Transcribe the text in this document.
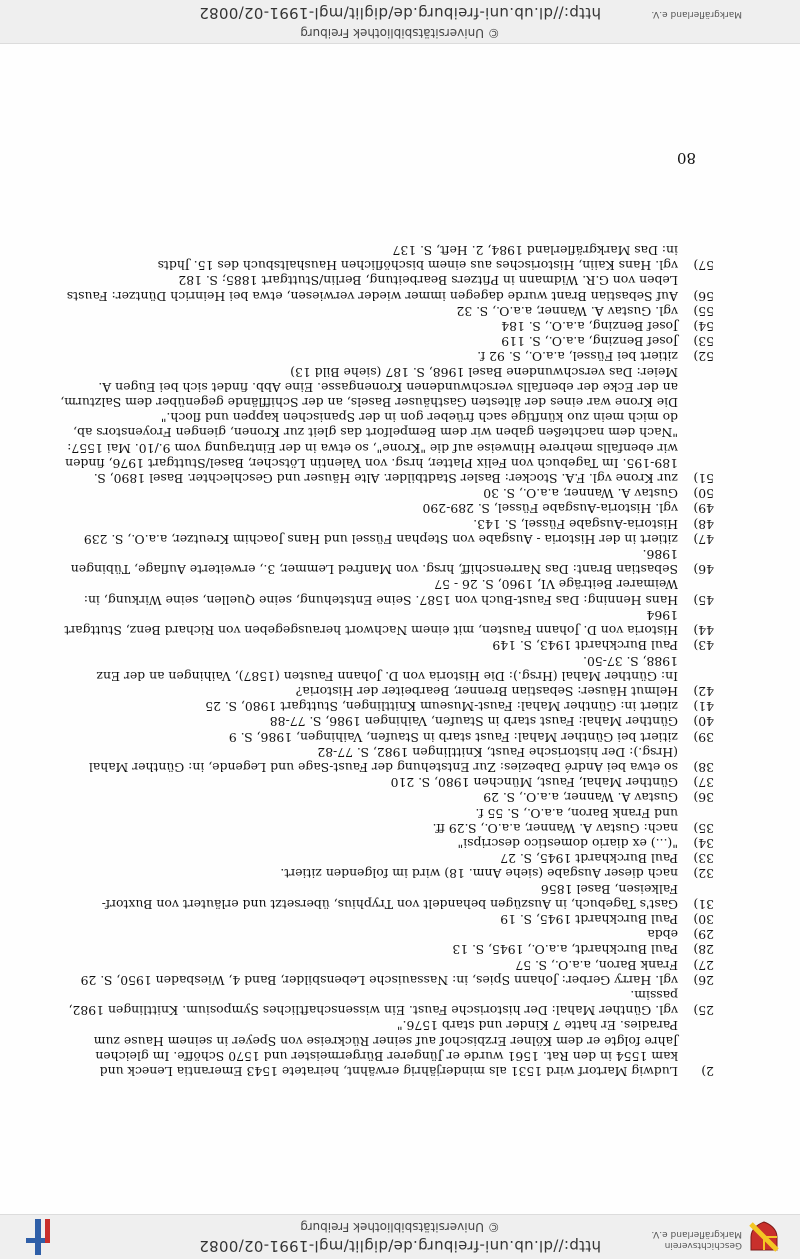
Geschichtsverein
Markgräflerland e.V.
http://dl.ub.uni-freiburg.de/diglit/mgl-1991-02/0082
© Universitätsbibliothek Freiburg
2)
Ludwig Martorf wird 1531 als minderjährig erwähnt, heiratete 1543 Emerantia Leneck und
kam 1554 in den Rat. 1561 wurde er Jüngerer Bürgermeister und 1570 Schöffe. Im gleichen
Jahre folgte er dem Kölner Erzbischof auf seiner Rückreise von Speyer in seinem Hause zum
Paradies. Er hatte 7 Kinder und starb 1576."
25)
vgl. Günther Mahal: Der historische Faust. Ein wissenschaftliches Symposium. Knittlingen 1982,
passim.
26)
vgl. Harry Gerber: Johann Spies, in: Nassauische Lebensbilder, Band 4, Wiesbaden 1950, S. 29
27)
Frank Baron, a.a.O., S. 57
28)
Paul Burckhardt, a.a.O., 1945, S. 13
29)
ebda
30)
Paul Burckhardt 1945, S. 19
31)
Gast's Tagebuch, in Auszügen behandelt von Tryphius, übersetzt und erläutert von Buxtorf-
Falkeisen, Basel 1856
32)
nach dieser Ausgabe (siehe Anm. 18) wird im folgenden zitiert.
33)
Paul Burckhardt 1945, S. 27
34)
"(...) ex diario domestico descripsi"
35)
nach: Gustav A. Wanner, a.a.O., S.29 ff.
und Frank Baron, a.a.O., S. 55 f.
36)
Gustav A. Wanner, a.a.O., S. 29
37)
Günther Mahal, Faust, München 1980, S. 210
38)
so etwa bei André Dabezies: Zur Entstehung der Faust-Sage und Legende, in: Günther Mahal
(Hrsg.): Der historische Faust, Knittlingen 1982, S. 77-82
39)
zitiert bei Günther Mahal: Faust starb in Staufen, Vaihingen, 1986, S. 9
40)
Günther Mahal: Faust starb in Staufen, Vaihingen 1986, S. 77-88
41)
zitiert in: Günther Mahal: Faust-Museum Knittlingen, Stuttgart 1980, S. 25
42)
Helmut Häuser: Sebastian Brenner, Bearbeiter der Historia?
In: Günther Mahal (Hrsg.): Die Historia von D. Johann Fausten (1587), Vaihingen an der Enz
1988, S. 37-50.
43)
Paul Burckhardt 1943, S. 149
44)
Historia von D. Johann Fausten, mit einem Nachwort herausgegeben von Richard Benz, Stuttgart
1964
45)
Hans Henning: Das Faust-Buch von 1587. Seine Entstehung, seine Quellen, seine Wirkung, in:
Weimarer Beiträge VI, 1960, S. 26 - 57
46)
Sebastian Brant: Das Narrenschiff, hrsg. von Manfred Lemmer, 3., erweiterte Auflage, Tübingen
1986.
47)
zitiert in der Historia - Ausgabe von Stephan Füssel und Hans Joachim Kreutzer, a.a.O., S. 239
48)
Historia-Ausgabe Füssel, S. 143.
49)
vgl. Historia-Ausgabe Füssel, S. 289-290
50)
Gustav A. Wanner, a.a.O., S. 30
51)
zur Krone vgl. F.A. Stocker: Basler Stadtbilder. Alte Häuser und Geschlechter. Basel 1890, S.
189-195. Im Tagebuch von Felix Platter, hrsg. von Valentin Lötscher, Basel/Stuttgart 1976, finden
wir ebenfalls mehrere Hinweise auf die "Krone", so etwa in der Eintragung vom 9./10. Mai 1557:
"Nach dem nachteßen gaben wir dem Bempelfort das gleit zur Kronen, giengen Froyenstors ab,
do mich mein zuo künftige sach früeber gon in der Spanischen kappen und floch."
Die Krone war eines der ältesten Gasthäuser Basels, an der Schifflände gegenüber dem Salzturm,
an der Ecke der ebenfalls verschwundenen Kronengasse. Eine Abb. findet sich bei Eugen A.
Meier: Das verschwundene Basel 1968, S. 187 (siehe Bild 13)
52)
zitiert bei Füssel, a.a.O., S. 92 f.
53)
Josef Benzing, a.a.O., S. 119
54)
Josef Benzing, a.a.O., S. 184
55)
vgl. Gustav A. Wanner, a.a.O., S. 32
56)
Auf Sebastian Brant wurde dagegen immer wieder verwiesen, etwa bei Heinrich Düntzer: Fausts
Leben von G.R. Widmann in Pfitzers Bearbeitung, Berlin/Stuttgart 1885; S. 182
57)
vgl. Hans Kaiin, Historisches aus einem bischöflichen Haushaltsbuch des 15. Jhdts
in: Das Markgräflerland 1984, 2. Heft, S. 137
80
© Universitätsbibliothek Freiburg
http://dl.ub.uni-freiburg.de/diglit/mgl-1991-02/0082	Markgräflerland e.V.
